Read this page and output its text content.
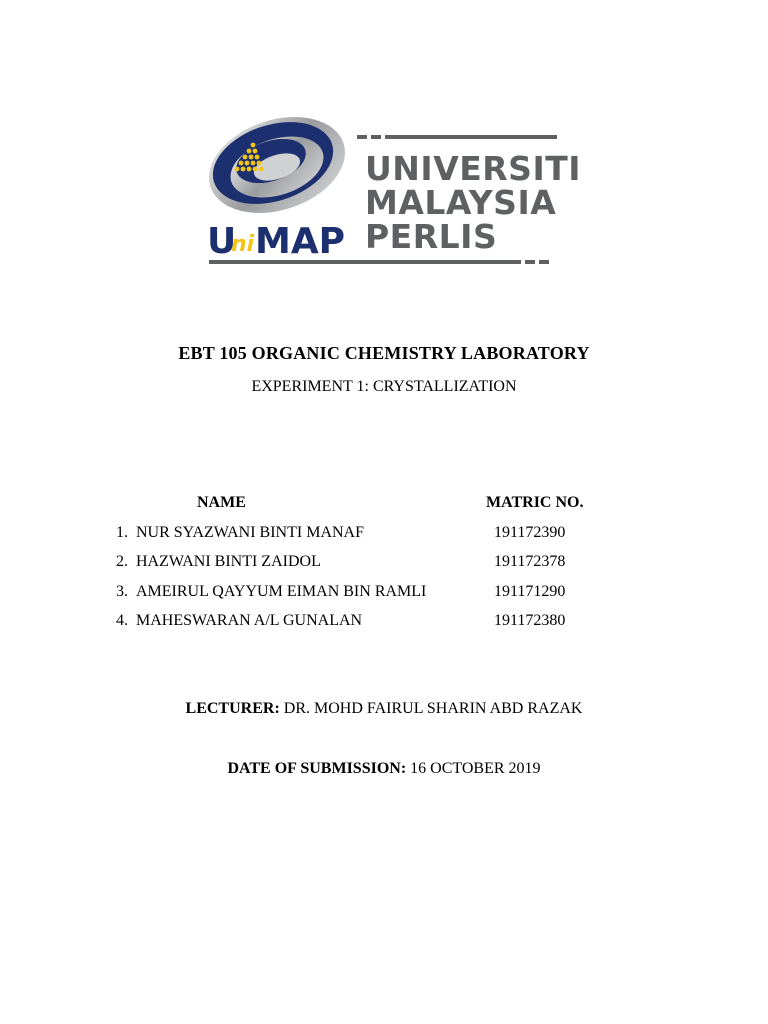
U
ni MAP
UNIVERSITI
MALAYSIA
PERLIS
EBT 105 ORGANIC CHEMISTRY LABORATORY
EXPERIMENT 1: CRYSTALLIZATION
NAME	MATRIC NO.
1. NUR SYAZWANI BINTI MANAF	191172390
2. HAZWANI BINTI ZAIDOL	191172378
3. AMEIRUL QAYYUM EIMAN BIN RAMLI	191171290
4. MAHESWARAN A/L GUNALAN	191172380
LECTURER: DR. MOHD FAIRUL SHARIN ABD RAZAK
DATE OF SUBMISSION: 16 OCTOBER 2019
